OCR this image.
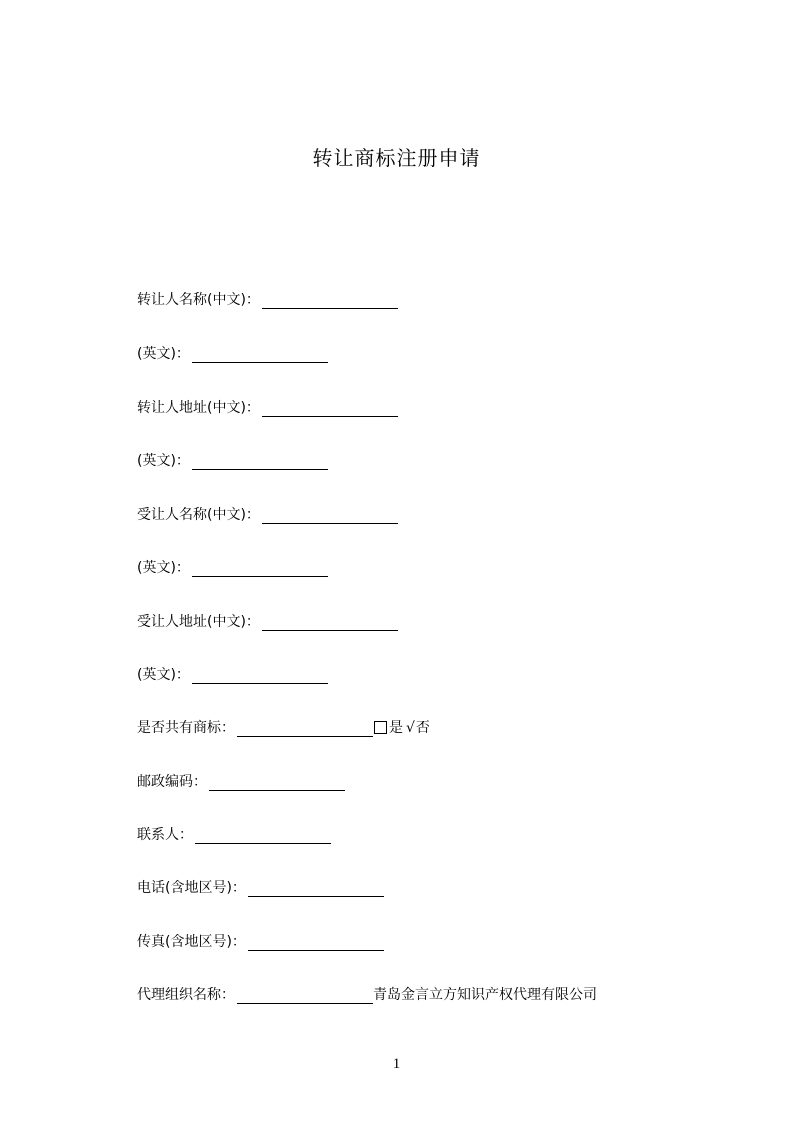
转让商标注册申请
转让人名称(中文)：
(英文)：
转让人地址(中文)：
(英文)：
受让人名称(中文)：
(英文)：
受让人地址(中文)：
(英文)：
是否共有商标：	是 √否
邮政编码：
联系人：
电话(含地区号)：
传真(含地区号)：
代理组织名称：	青岛金言立方知识产权代理有限公司
1
